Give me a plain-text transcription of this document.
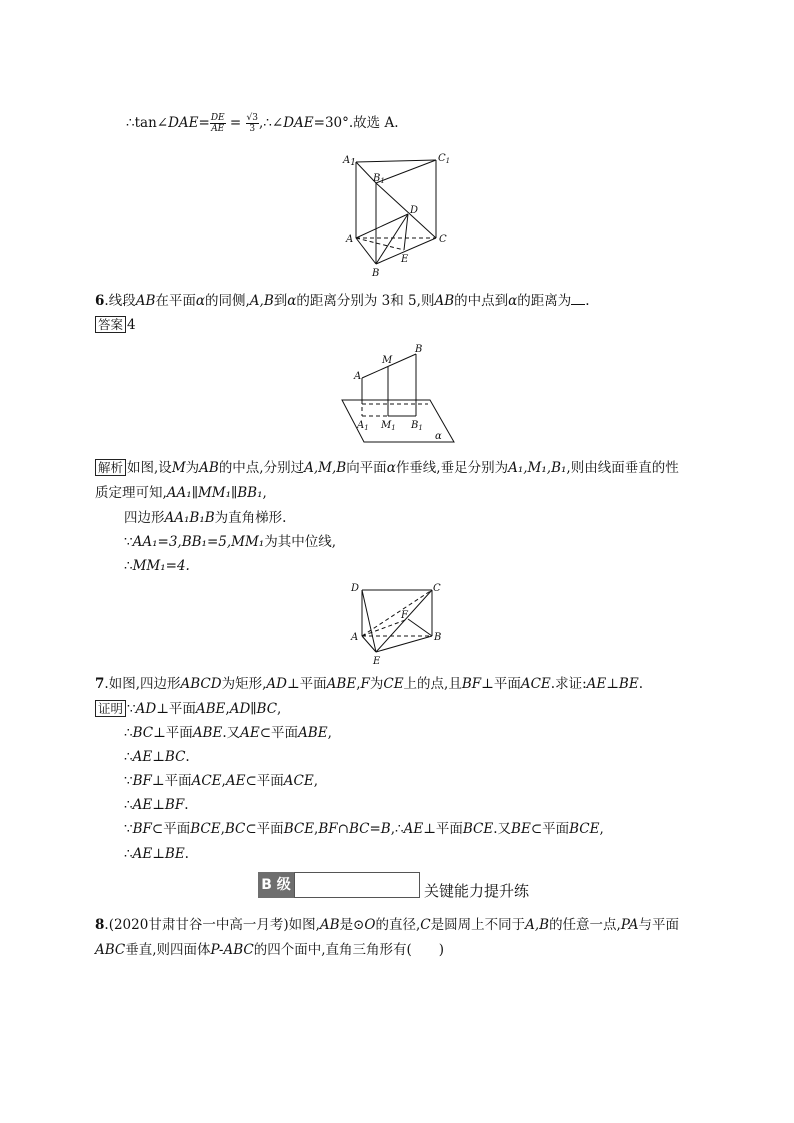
∴tan∠DAE= $\frac{DE}{AE} = \frac{√3}{3}$ ,∴∠DAE=30°.故选 A.
A1	$C_1$
$B_1$
D
A	C
B
E
6.线段AB在平面α的同侧,A,B到α的距离分别为 3和 5,则AB的中点到α的距离为 .
答案 4
A
M
B
$A_1$ $M_1$ $B_1$
α
解析 如图,设M为AB的中点,分别过A,M,B向平面α作垂线,垂足分别为A₁,M₁,B₁,则由线面垂直的性
质定理可知,AA₁∥MM₁∥BB₁,
四边形AA₁B₁B为直角梯形.
∵AA₁=3,BB₁=5,MM₁为其中位线,
∴MM₁=4.
D	C
F
A	B
E
7.如图,四边形ABCD为矩形,AD⊥平面ABE,F为CE上的点,且BF⊥平面ACE.求证:AE⊥BE.
证明 ∵AD⊥平面ABE,AD∥BC,
∴BC⊥平面ABE.又AE⊂平面ABE,
∴AE⊥BC.
∵BF⊥平面ACE,AE⊂平面ACE,
∴AE⊥BF.
∵BF⊂平面BCE,BC⊂平面BCE,BF∩BC=B,∴AE⊥平面BCE.又BE⊂平面BCE,
∴AE⊥BE.
B 级	关键能力提升练
8.(2020甘肃甘谷一中高一月考)如图,AB是⊙O的直径,C是圆周上不同于A,B的任意一点,PA与平面
ABC垂直,则四面体P-ABC的四个面中,直角三角形有(　　)
